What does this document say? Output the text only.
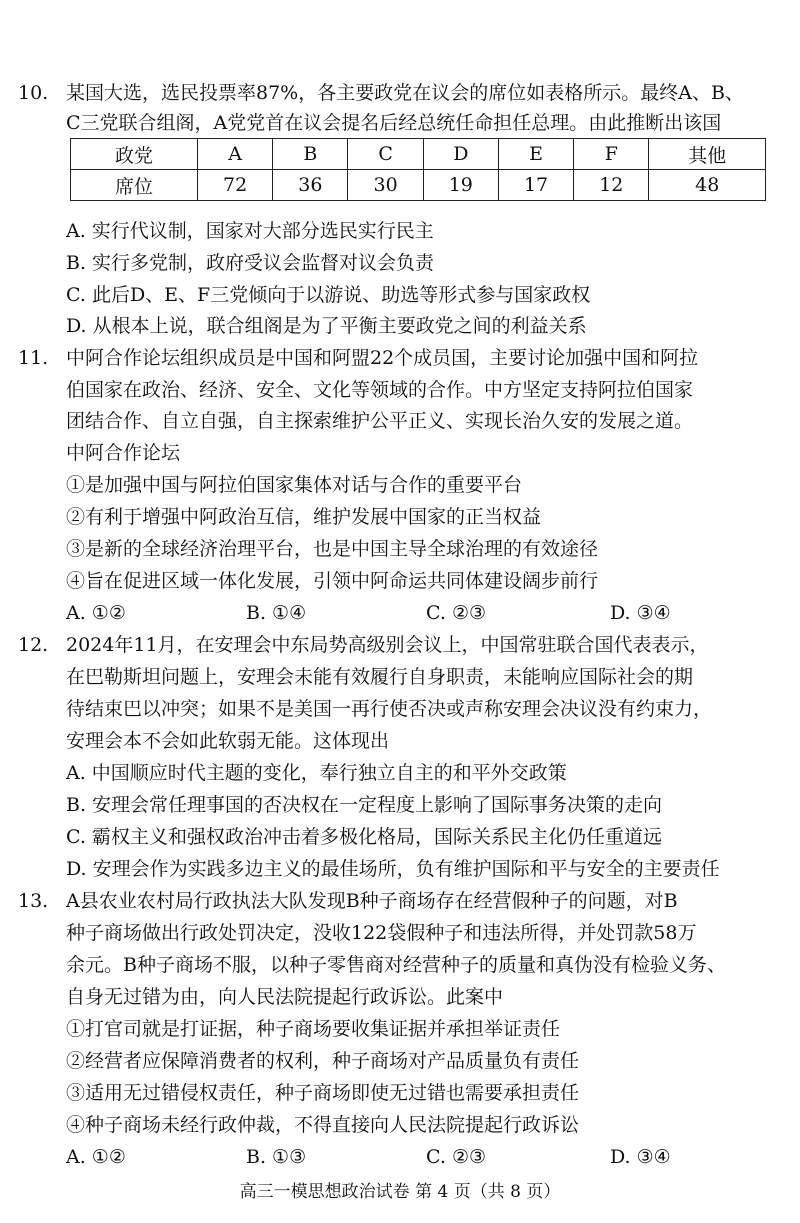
10. 某国大选，选民投票率87%，各主要政党在议会的席位如表格所示。最终A、B、
C三党联合组阁，A党党首在议会提名后经总统任命担任总理。由此推断出该国
政党	A	B	C	D	E	F	其他
席位	72	36	30	19	17	12	48
A. 实行代议制，国家对大部分选民实行民主
B. 实行多党制，政府受议会监督对议会负责
C. 此后D、E、F三党倾向于以游说、助选等形式参与国家政权
D. 从根本上说，联合组阁是为了平衡主要政党之间的利益关系
11. 中阿合作论坛组织成员是中国和阿盟22个成员国，主要讨论加强中国和阿拉
伯国家在政治、经济、安全、文化等领域的合作。中方坚定支持阿拉伯国家
团结合作、自立自强，自主探索维护公平正义、实现长治久安的发展之道。
中阿合作论坛
①是加强中国与阿拉伯国家集体对话与合作的重要平台
②有利于增强中阿政治互信，维护发展中国家的正当权益
③是新的全球经济治理平台，也是中国主导全球治理的有效途径
④旨在促进区域一体化发展，引领中阿命运共同体建设阔步前行
A. ①②	B. ①④	C. ②③	D. ③④
12. 2024年11月，在安理会中东局势高级别会议上，中国常驻联合国代表表示，
在巴勒斯坦问题上，安理会未能有效履行自身职责，未能响应国际社会的期
待结束巴以冲突；如果不是美国一再行使否决或声称安理会决议没有约束力，
安理会本不会如此软弱无能。这体现出
A. 中国顺应时代主题的变化，奉行独立自主的和平外交政策
B. 安理会常任理事国的否决权在一定程度上影响了国际事务决策的走向
C. 霸权主义和强权政治冲击着多极化格局，国际关系民主化仍任重道远
D. 安理会作为实践多边主义的最佳场所，负有维护国际和平与安全的主要责任
13. A县农业农村局行政执法大队发现B种子商场存在经营假种子的问题，对B
种子商场做出行政处罚决定，没收122袋假种子和违法所得，并处罚款58万
余元。B种子商场不服，以种子零售商对经营种子的质量和真伪没有检验义务、
自身无过错为由，向人民法院提起行政诉讼。此案中
①打官司就是打证据，种子商场要收集证据并承担举证责任
②经营者应保障消费者的权利，种子商场对产品质量负有责任
③适用无过错侵权责任，种子商场即使无过错也需要承担责任
④种子商场未经行政仲裁，不得直接向人民法院提起行政诉讼
A. ①②	B. ①③	C. ②③	D. ③④
高三一模思想政治试卷 第 4 页（共 8 页）
